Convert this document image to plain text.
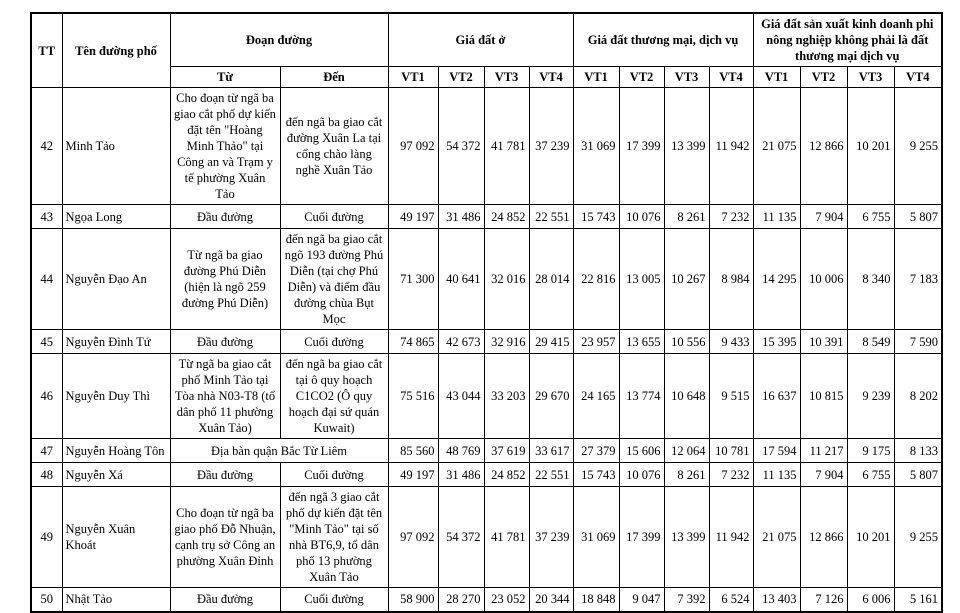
TT	Tên đường phố	Đoạn đường		Giá đất ở				Giá đất thương mại, dịch vụ				Giá đất sản xuất kinh doanh phi nông nghiệp không phải là đất thương mại dịch vụ			
		Từ	Đến	VT1	VT2	VT3	VT4	VT1	VT2	VT3	VT4	VT1	VT2	VT3	VT4
42	Minh Tảo	Cho đoạn từ ngã ba giao cắt phố dự kiến đặt tên "Hoàng Minh Thảo" tại Công an và Trạm y tế phường Xuân Tảo	đến ngã ba giao cắt đường Xuân La tại cổng chào làng nghề Xuân Tảo	97 092	54 372	41 781	37 239	31 069	17 399	13 399	11 942	21 075	12 866	10 201	9 255
43	Ngọa Long	Đầu đường	Cuối đường	49 197	31 486	24 852	22 551	15 743	10 076	8 261	7 232	11 135	7 904	6 755	5 807
44	Nguyễn Đạo An	Từ ngã ba giao đường Phú Diễn (hiện là ngõ 259 đường Phú Diễn)	đến ngã ba giao cắt ngõ 193 đường Phú Diễn (tại chợ Phú Diễn) và điểm đầu đường chùa Bụt Mọc	71 300	40 641	32 016	28 014	22 816	13 005	10 267	8 984	14 295	10 006	8 340	7 183
45	Nguyễn Đình Tứ	Đầu đường	Cuối đường	74 865	42 673	32 916	29 415	23 957	13 655	10 556	9 433	15 395	10 391	8 549	7 590
46	Nguyễn Duy Thì	Từ ngã ba giao cắt phố Minh Tảo tại Tòa nhà N03-T8 (tổ dân phố 11 phường Xuân Tảo)	đến ngã ba giao cắt tại ô quy hoạch C1CO2 (Ô quy hoạch đại sứ quán Kuwait)	75 516	43 044	33 203	29 670	24 165	13 774	10 648	9 515	16 637	10 815	9 239	8 202
47	Nguyễn Hoàng Tôn	Địa bàn quận Bắc Từ Liêm		85 560	48 769	37 619	33 617	27 379	15 606	12 064	10 781	17 594	11 217	9 175	8 133
48	Nguyễn Xá	Đầu đường	Cuối đường	49 197	31 486	24 852	22 551	15 743	10 076	8 261	7 232	11 135	7 904	6 755	5 807
49	Nguyễn Xuân Khoát	Cho đoạn từ ngã ba giao phố Đỗ Nhuận, cạnh trụ sở Công an phường Xuân Đỉnh	đến ngã 3 giao cắt phố dự kiến đặt tên "Minh Tảo" tại số nhà BT6,9, tổ dân phố 13 phường Xuân Tảo	97 092	54 372	41 781	37 239	31 069	17 399	13 399	11 942	21 075	12 866	10 201	9 255
50	Nhật Tảo	Đầu đường	Cuối đường	58 900	28 270	23 052	20 344	18 848	9 047	7 392	6 524	13 403	7 126	6 006	5 161
